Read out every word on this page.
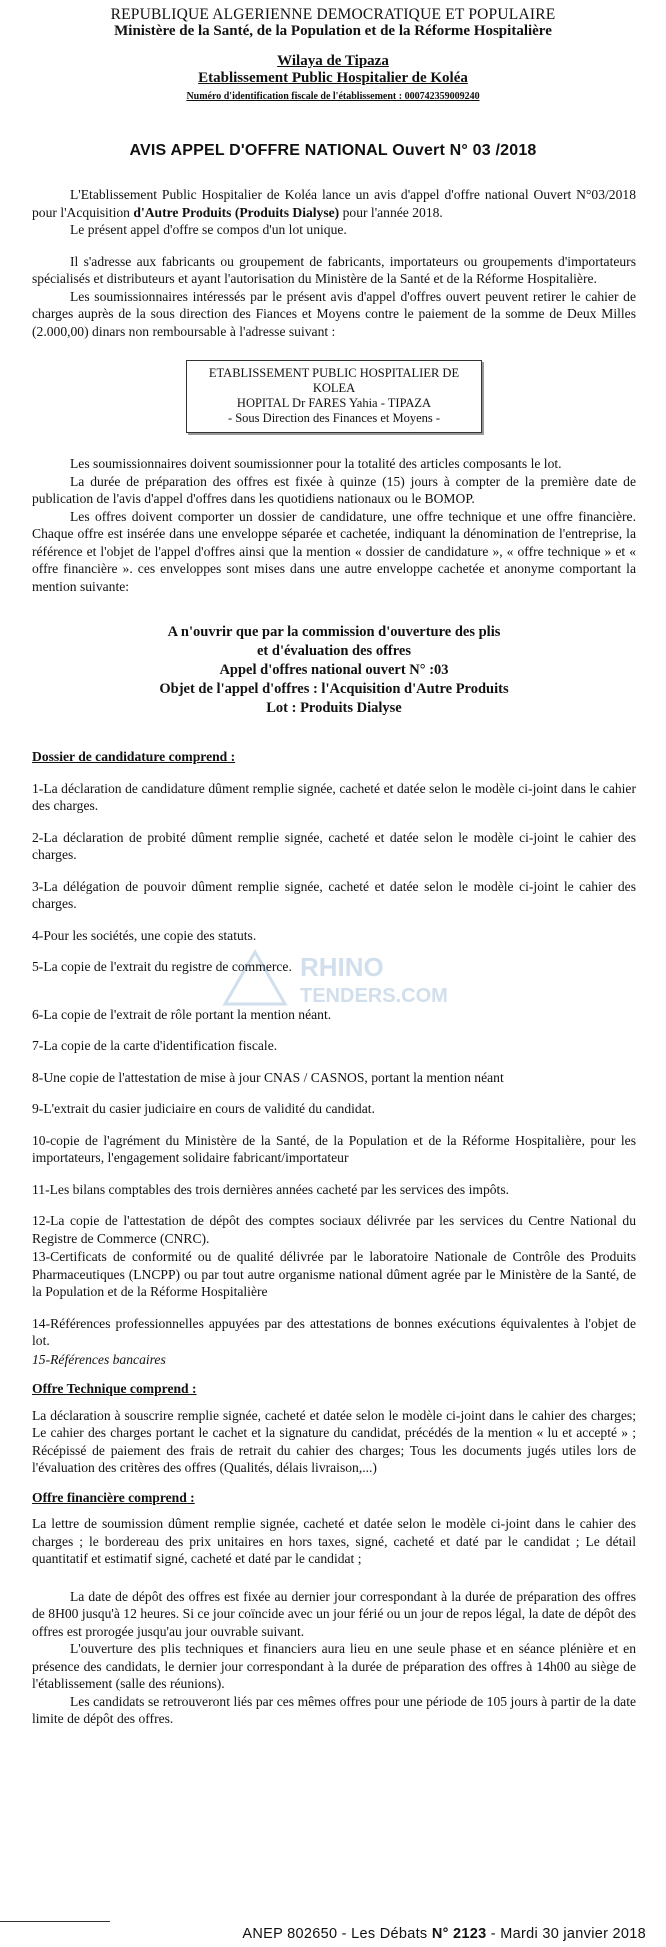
REPUBLIQUE ALGERIENNE DEMOCRATIQUE ET POPULAIRE
Ministère de la Santé, de la Population et de la Réforme Hospitalière
Wilaya de Tipaza
Etablissement Public Hospitalier de Koléa
Numéro d'identification fiscale de l'établissement : 000742359009240
AVIS APPEL D'OFFRE NATIONAL Ouvert N° 03 /2018

L'Etablissement Public Hospitalier de Koléa lance un avis d'appel d'offre national Ouvert N°03/2018 pour l'Acquisition d'Autre Produits (Produits Dialyse) pour l'année 2018.

Le présent appel d'offre se compos d'un lot unique.

Il s'adresse aux fabricants ou groupement de fabricants, importateurs ou groupements d'importateurs spécialisés et distributeurs et ayant l'autorisation du Ministère de la Santé et de la Réforme Hospitalière.

Les soumissionnaires intéressés par le présent avis d'appel d'offres ouvert peuvent retirer le cahier de charges auprès de la sous direction des Fiances et Moyens contre le paiement de la somme de Deux Milles (2.000,00) dinars non remboursable à l'adresse suivant :

ETABLISSEMENT PUBLIC HOSPITALIER DE KOLEA
HOPITAL Dr FARES Yahia - TIPAZA
- Sous Direction des Finances et Moyens -

Les soumissionnaires doivent soumissionner pour la totalité des articles composants le lot.

La durée de préparation des offres est fixée à quinze (15) jours à compter de la première date de publication de l'avis d'appel d'offres dans les quotidiens nationaux ou le BOMOP.

Les offres doivent comporter un dossier de candidature, une offre technique et une offre financière. Chaque offre est insérée dans une enveloppe séparée et cachetée, indiquant la dénomination de l'entreprise, la référence et l'objet de l'appel d'offres ainsi que la mention « dossier de candidature », « offre technique » et « offre financière ». ces enveloppes sont mises dans une autre enveloppe cachetée et anonyme comportant la mention suivante:

A n'ouvrir que par la commission d'ouverture des plis
et d'évaluation des offres
Appel d'offres national ouvert N° :03
Objet de l'appel d'offres : l'Acquisition d'Autre Produits
Lot : Produits Dialyse
Dossier de candidature comprend :
1-La déclaration de candidature dûment remplie signée, cacheté et datée selon le modèle ci-joint dans le cahier des charges.
2-La déclaration de probité dûment remplie signée, cacheté et datée selon le modèle ci-joint le cahier des charges.
3-La délégation de pouvoir dûment remplie signée, cacheté et datée selon le modèle ci-joint le cahier des charges.
4-Pour les sociétés, une copie des statuts.
5-La copie de l'extrait du registre de commerce.
6-La copie de l'extrait de rôle portant la mention néant.
7-La copie de la carte d'identification fiscale.
8-Une copie de l'attestation de mise à jour CNAS / CASNOS, portant la mention néant
9-L'extrait du casier judiciaire en cours de validité du candidat.
10-copie de l'agrément du Ministère de la Santé, de la Population et de la Réforme Hospitalière, pour les importateurs, l'engagement solidaire fabricant/importateur
11-Les bilans comptables des trois dernières années cacheté par les services des impôts.
12-La copie de l'attestation de dépôt des comptes sociaux délivrée par les services du Centre National du Registre de Commerce (CNRC).
13-Certificats de conformité ou de qualité délivrée par le laboratoire Nationale de Contrôle des Produits Pharmaceutiques (LNCPP) ou par tout autre organisme national dûment agrée par le Ministère de la Santé, de la Population et de la Réforme Hospitalière
14-Références professionnelles appuyées par des attestations de bonnes exécutions équivalentes à l'objet de lot.
15-Références bancaires
Offre Technique comprend :

La déclaration à souscrire remplie signée, cacheté et datée selon le modèle ci-joint dans le cahier des charges; Le cahier des charges portant le cachet et la signature du candidat, précédés de la mention « lu et accepté » ; Récépissé de paiement des frais de retrait du cahier des charges; Tous les documents jugés utiles lors de l'évaluation des critères des offres (Qualités, délais livraison,...)

Offre financière comprend :

La lettre de soumission dûment remplie signée, cacheté et datée selon le modèle ci-joint dans le cahier des charges ; le bordereau des prix unitaires en hors taxes, signé, cacheté et daté par le candidat ; Le détail quantitatif et estimatif signé, cacheté et daté par le candidat ;

La date de dépôt des offres est fixée au dernier jour correspondant à la durée de préparation des offres de 8H00 jusqu'à 12 heures. Si ce jour coïncide avec un jour férié ou un jour de repos légal, la date de dépôt des offres est prorogée jusqu'au jour ouvrable suivant.

L'ouverture des plis techniques et financiers aura lieu en une seule phase et en séance plénière et en présence des candidats, le dernier jour correspondant à la durée de préparation des offres à 14h00 au siège de l'établissement (salle des réunions).

Les candidats se retrouveront liés par ces mêmes offres pour une période de 105 jours à partir de la date limite de dépôt des offres.

RHINO
TENDERS.COM
ANEP 802650 - Les Débats N° 2123 - Mardi 30 janvier 2018
